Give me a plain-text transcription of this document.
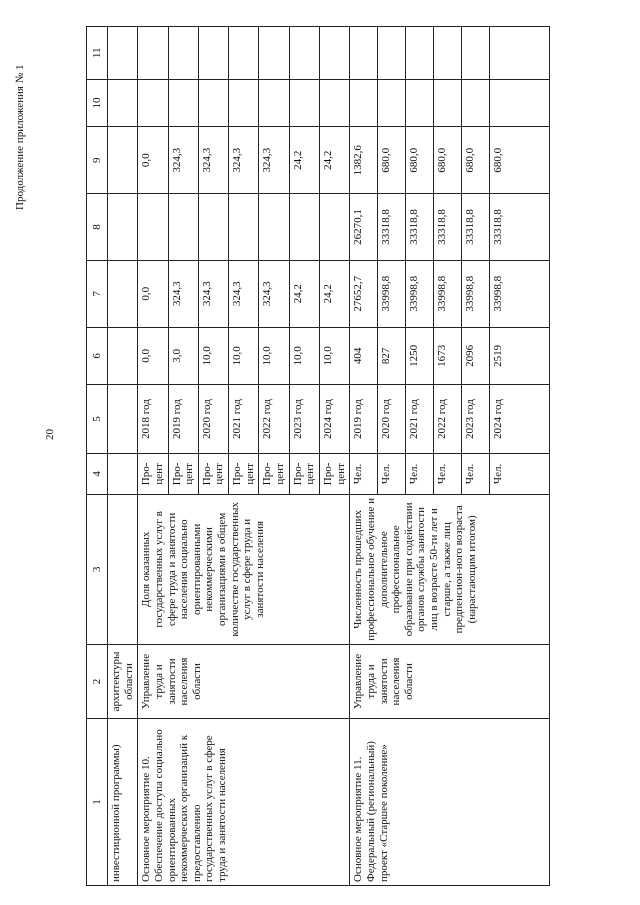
20
Продолжение приложения № 1
1	2	3	4	5	6	7	8	9	10	11
инвестиционной программы)	архитектуры области									
Основное мероприятие 10. Обеспечение доступа социально ориентированных некоммерческих организаций к предоставлению государственных услуг в сфере труда и занятости населения	Управление труда и занятости населения области	Доля оказанных государственных услуг в сфере труда и занятости населения социально ориентированными некоммерческими организациями в общем количестве государственных услуг в сфере труда и занятости населения	Про-цент	2018 год	0,0	0,0		0,0		
			Про-цент	2019 год	3,0	324,3		324,3		
			Про-цент	2020 год	10,0	324,3		324,3		
			Про-цент	2021 год	10,0	324,3		324,3		
			Про-цент	2022 год	10,0	324,3		324,3		
			Про-цент	2023 год	10,0	24,2		24,2		
			Про-цент	2024 год	10,0	24,2		24,2		
Основное мероприятие 11. Федеральный (региональный) проект «Старшее поколение»	Управление труда и занятости населения области	Численность прошедших профессиональное обучение и дополнительное профессиональное образование при содействии органов службы занятости лиц в возрасте 50-ти лет и старше, а также лиц предпенсион-ного возраста (нарастающим итогом)	Чел.	2019 год	404	27652,7	26270,1	1382,6		
			Чел.	2020 год	827	33998,8	33318,8	680,0		
			Чел.	2021 год	1250	33998,8	33318,8	680,0		
			Чел.	2022 год	1673	33998,8	33318,8	680,0		
			Чел.	2023 год	2096	33998,8	33318,8	680,0		
			Чел.	2024 год	2519	33998,8	33318,8	680,0		
